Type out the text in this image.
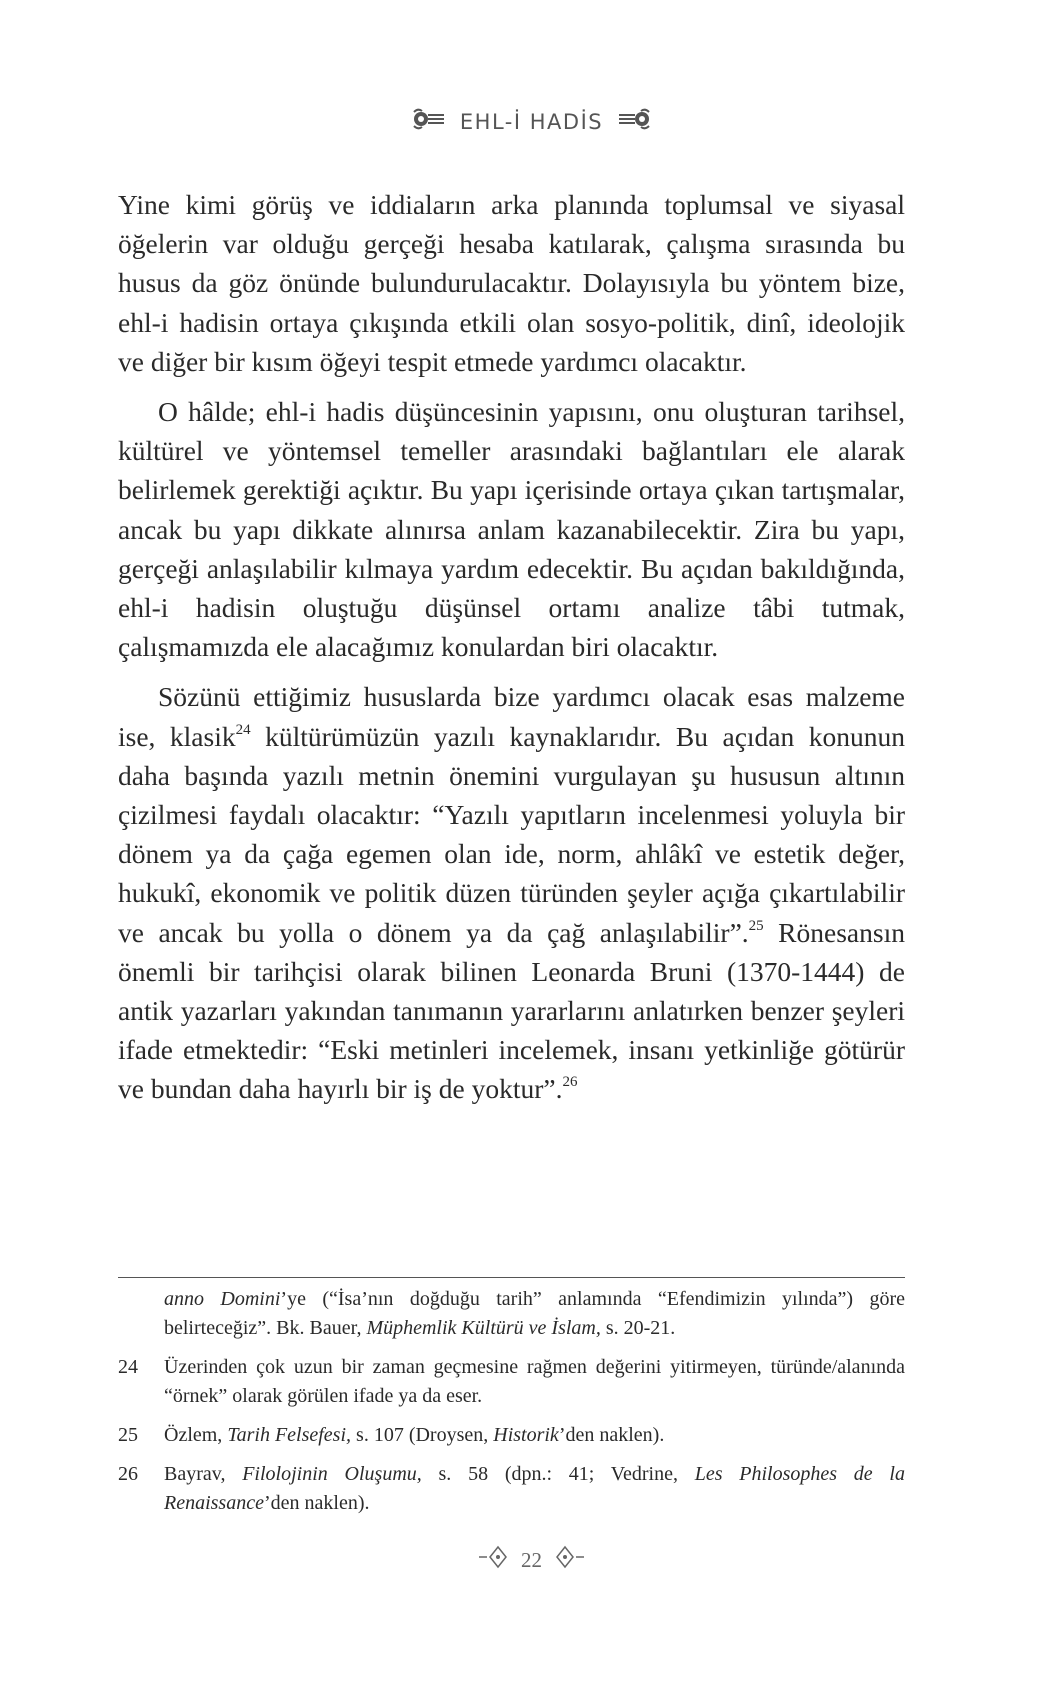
EHL-İ HADİS

Yine kimi görüş ve iddiaların arka planında toplumsal ve siyasal öğelerin var olduğu gerçeği hesaba katılarak, çalışma sırasında bu husus da göz önünde bulundurulacaktır. Dolayısıyla bu yöntem bize, ehl-i hadisin ortaya çıkışında etkili olan sosyo-politik, dinî, ideolojik ve diğer bir kısım öğeyi tespit etmede yardımcı olacaktır.

O hâlde; ehl-i hadis düşüncesinin yapısını, onu oluşturan tarihsel, kültürel ve yöntemsel temeller arasındaki bağlantıları ele alarak belirlemek gerektiği açıktır. Bu yapı içerisinde ortaya çıkan tartışmalar, ancak bu yapı dikkate alınırsa anlam kazanabilecektir. Zira bu yapı, gerçeği anlaşılabilir kılmaya yardım edecektir. Bu açıdan bakıldığında, ehl-i hadisin oluştuğu düşünsel ortamı analize tâbi tutmak, çalışmamızda ele alacağımız konulardan biri olacaktır.

Sözünü ettiğimiz hususlarda bize yardımcı olacak esas malzeme ise, klasik$^{24}$ kültürümüzün yazılı kaynaklarıdır. Bu açıdan konunun daha başında yazılı metnin önemini vurgulayan şu hususun altının çizilmesi faydalı olacaktır: “Yazılı yapıtların incelenmesi yoluyla bir dönem ya da çağa egemen olan ide, norm, ahlâkî ve estetik değer, hukukî, ekonomik ve politik düzen türünden şeyler açığa çıkartılabilir ve ancak bu yolla o dönem ya da çağ anlaşılabilir”.$^{25}$ Rönesansın önemli bir tarihçisi olarak bilinen Leonarda Bruni (1370-1444) de antik yazarları yakından tanımanın yararlarını anlatırken benzer şeyleri ifade etmektedir: “Eski metinleri incelemek, insanı yetkinliğe götürür ve bundan daha hayırlı bir iş de yoktur”.$^{26}$

anno Domini’ye (“İsa’nın doğduğu tarih” anlamında “Efendimizin yılında”) göre belirteceğiz”. Bk. Bauer, Müphemlik Kültürü ve İslam, s. 20-21.
24	Üzerinden çok uzun bir zaman geçmesine rağmen değerini yitirmeyen, türünde/alanında “örnek” olarak görülen ifade ya da eser.
25	Özlem, Tarih Felsefesi, s. 107 (Droysen, Historik’den naklen).
26	Bayrav, Filolojinin Oluşumu, s. 58 (dpn.: 41; Vedrine, Les Philosophes de la Renaissance’den naklen).
22
